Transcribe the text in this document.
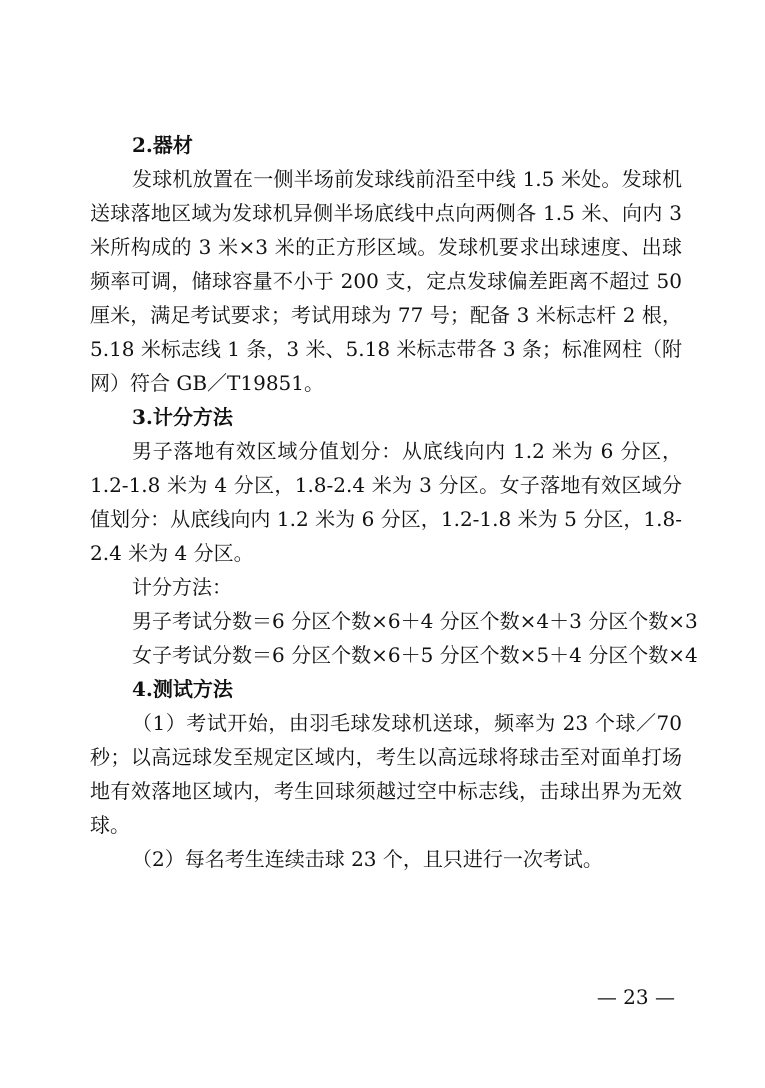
2.器材

发球机放置在一侧半场前发球线前沿至中线 1.5 米处。发球机送球落地区域为发球机异侧半场底线中点向两侧各 1.5 米、向内 3 米所构成的 3 米×3 米的正方形区域。发球机要求出球速度、出球频率可调，储球容量不小于 200 支，定点发球偏差距离不超过 50 厘米，满足考试要求；考试用球为 77 号；配备 3 米标志杆 2 根，5.18 米标志线 1 条，3 米、5.18 米标志带各 3 条；标准网柱（附网）符合 GB／T19851。

3.计分方法

男子落地有效区域分值划分：从底线向内 1.2 米为 6 分区，1.2-1.8 米为 4 分区，1.8-2.4 米为 3 分区。女子落地有效区域分值划分：从底线向内 1.2 米为 6 分区，1.2-1.8 米为 5 分区，1.8-2.4 米为 4 分区。

计分方法：
男子考试分数＝6 分区个数×6＋4 分区个数×4＋3 分区个数×3
女子考试分数＝6 分区个数×6＋5 分区个数×5＋4 分区个数×4
4.测试方法

（1）考试开始，由羽毛球发球机送球，频率为 23 个球／70 秒；以高远球发至规定区域内，考生以高远球将球击至对面单打场地有效落地区域内，考生回球须越过空中标志线，击球出界为无效球。

（2）每名考生连续击球 23 个，且只进行一次考试。

— 23 —
